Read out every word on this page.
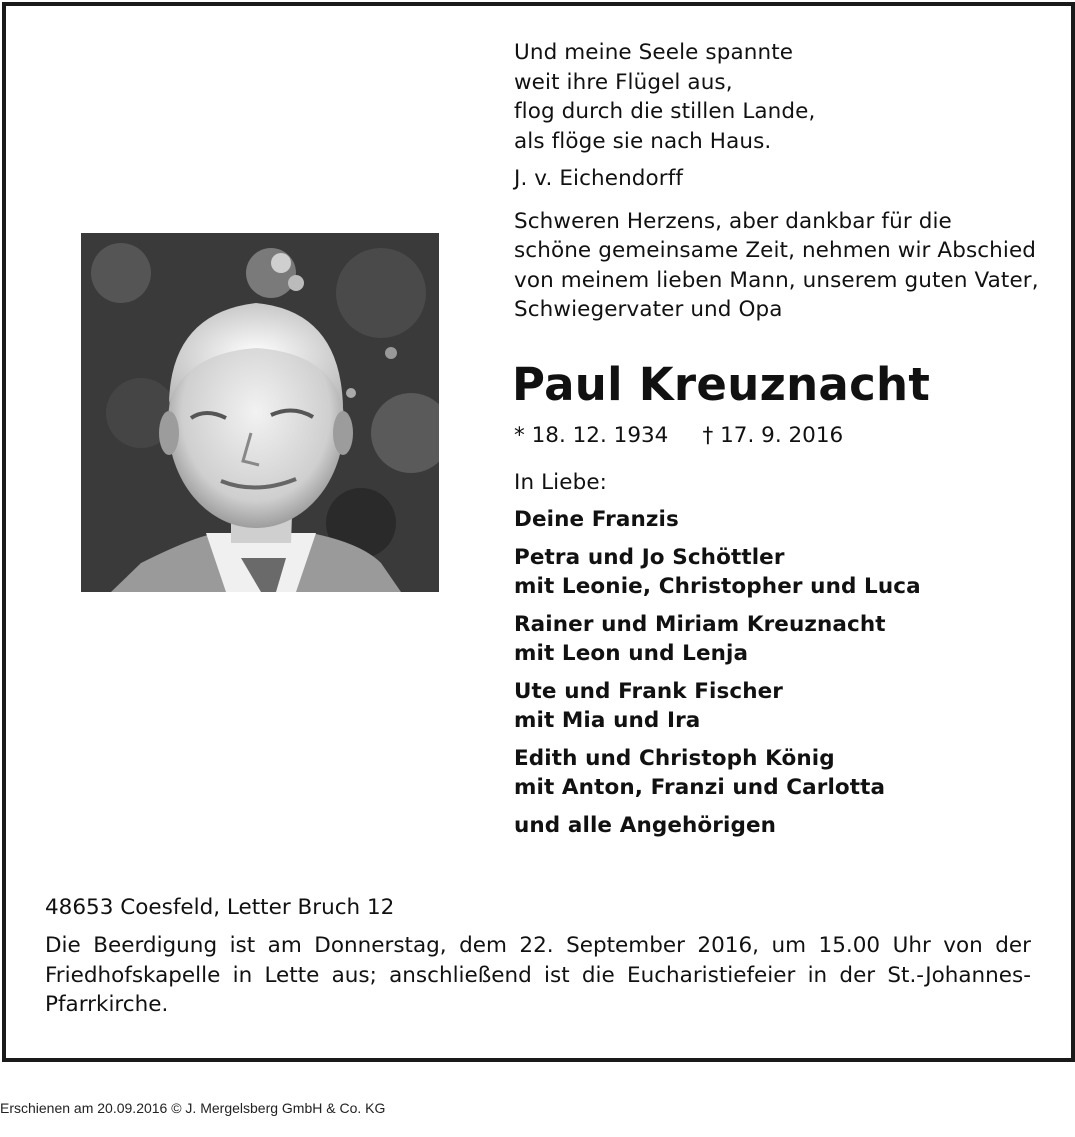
Und meine Seele spannte
weit ihre Flügel aus,
flog durch die stillen Lande,
als flöge sie nach Haus.
J. v. Eichendorff
Schweren Herzens, aber dankbar für die
schöne gemeinsame Zeit, nehmen wir Abschied
von meinem lieben Mann, unserem guten Vater,
Schwiegervater und Opa
Paul Kreuznacht
* 18. 12. 1934 † 17. 9. 2016
In Liebe:
Deine Franzis
Petra und Jo Schöttler
mit Leonie, Christopher und Luca
Rainer und Miriam Kreuznacht
mit Leon und Lenja
Ute und Frank Fischer
mit Mia und Ira
Edith und Christoph König
mit Anton, Franzi und Carlotta
und alle Angehörigen
48653 Coesfeld, Letter Bruch 12
Die Beerdigung ist am Donnerstag, dem 22. September 2016, um 15.00 Uhr von der Friedhofskapelle in Lette aus; anschließend ist die Eucharistiefeier in der St.-Johannes-Pfarrkirche.
Erschienen am 20.09.2016 © J. Mergelsberg GmbH & Co. KG
